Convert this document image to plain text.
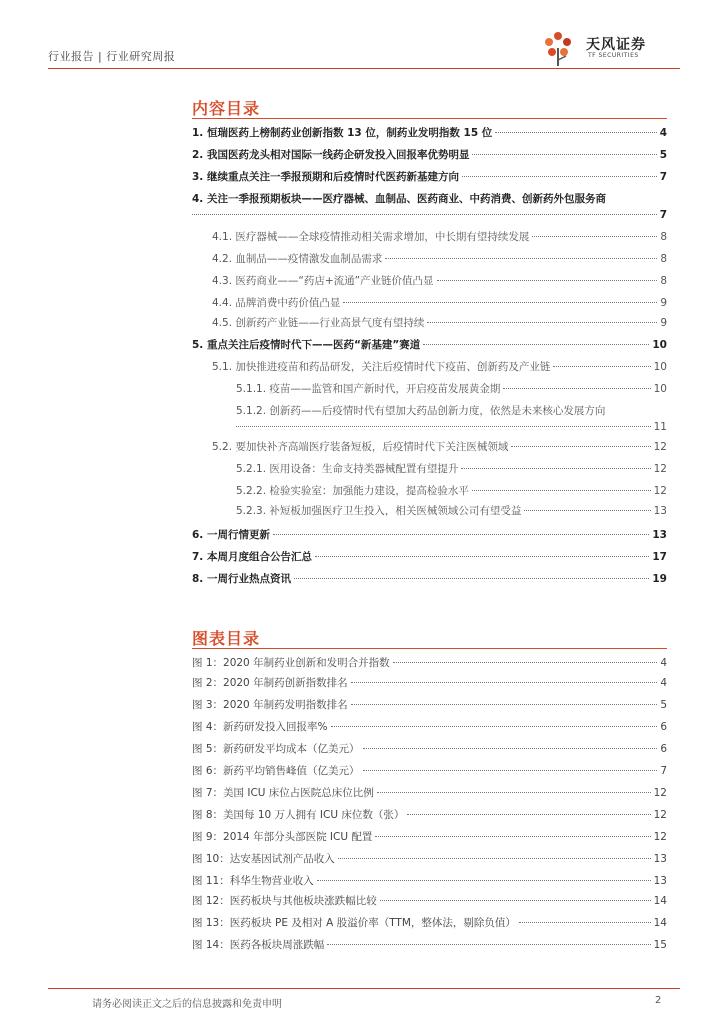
行业报告 | 行业研究周报
天风证券
TF SECURITIES
内容目录
1. 恒瑞医药上榜制药业创新指数 13 位，制药业发明指数 15 位	4
2. 我国医药龙头相对国际一线药企研发投入回报率优势明显	5
3. 继续重点关注一季报预期和后疫情时代医药新基建方向	7
4. 关注一季报预期板块——医疗器械、血制品、医药商业、中药消费、创新药外包服务商
7
4.1. 医疗器械——全球疫情推动相关需求增加，中长期有望持续发展	8
4.2. 血制品——疫情激发血制品需求	8
4.3. 医药商业——“药店+流通”产业链价值凸显	8
4.4. 品牌消费中药价值凸显	9
4.5. 创新药产业链——行业高景气度有望持续	9
5. 重点关注后疫情时代下——医药“新基建”赛道	10
5.1. 加快推进疫苗和药品研发，关注后疫情时代下疫苗、创新药及产业链	10
5.1.1. 疫苗——监管和国产新时代，开启疫苗发展黄金期	10
5.1.2. 创新药——后疫情时代有望加大药品创新力度，依然是未来核心发展方向
11
5.2. 要加快补齐高端医疗装备短板，后疫情时代下关注医械领域	12
5.2.1. 医用设备：生命支持类器械配置有望提升	12
5.2.2. 检验实验室：加强能力建设，提高检验水平	12
5.2.3. 补短板加强医疗卫生投入，相关医械领域公司有望受益	13
6. 一周行情更新	13
7. 本周月度组合公告汇总	17
8. 一周行业热点资讯	19
图表目录
图 1：2020 年制药业创新和发明合并指数	4
图 2：2020 年制药创新指数排名	4
图 3：2020 年制药发明指数排名	5
图 4：新药研发投入回报率%	6
图 5：新药研发平均成本（亿美元）	6
图 6：新药平均销售峰值（亿美元）	7
图 7：美国 ICU 床位占医院总床位比例	12
图 8：美国每 10 万人拥有 ICU 床位数（张）	12
图 9：2014 年部分头部医院 ICU 配置	12
图 10：达安基因试剂产品收入	13
图 11：科华生物营业收入	13
图 12：医药板块与其他板块涨跌幅比较	14
图 13：医药板块 PE 及相对 A 股溢价率（TTM，整体法，剔除负值）	14
图 14：医药各板块周涨跌幅	15
请务必阅读正文之后的信息披露和免责申明	2
